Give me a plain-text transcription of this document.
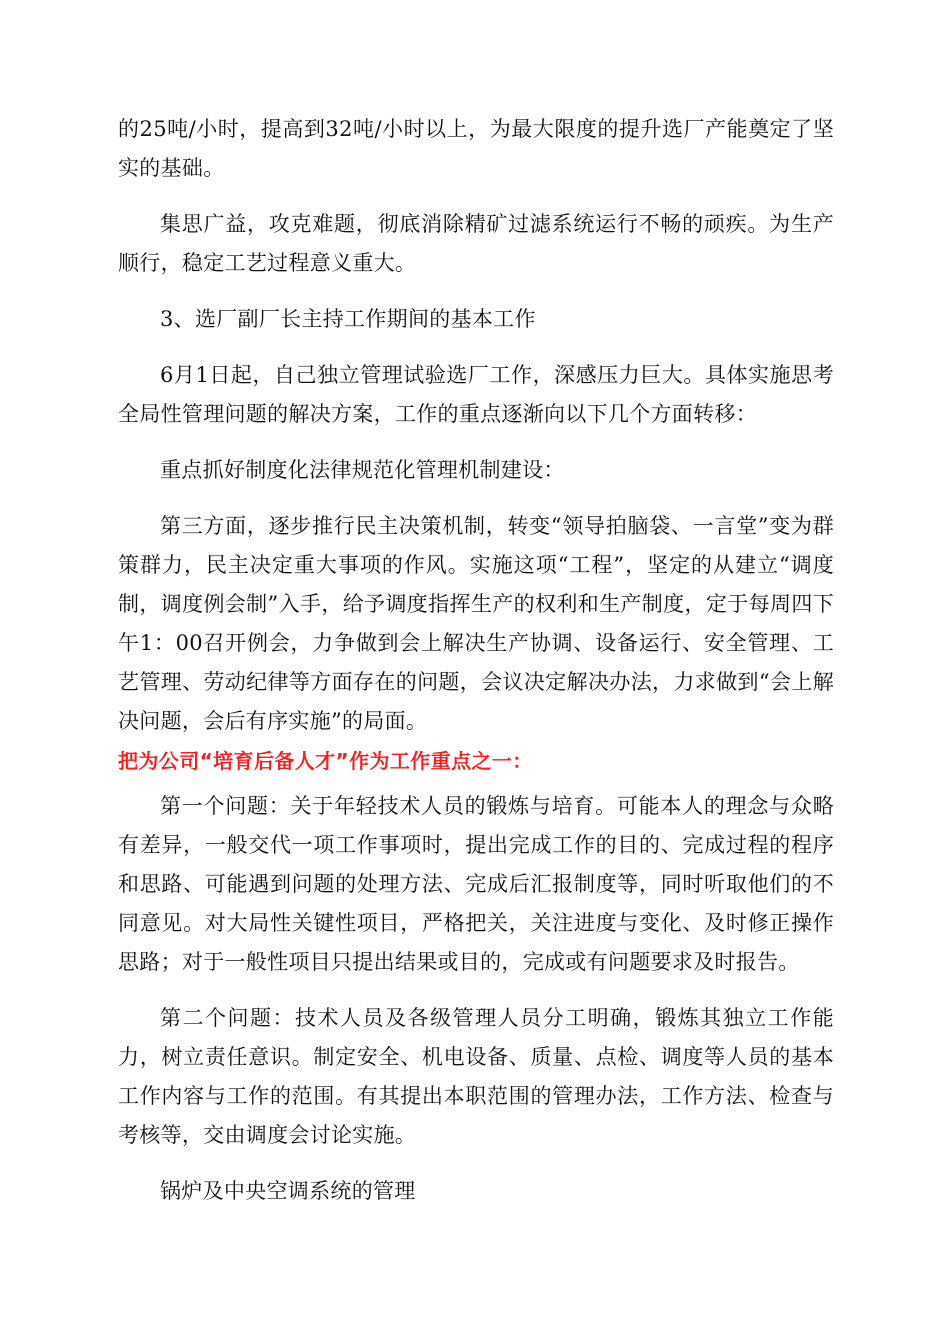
的25吨/小时，提高到32吨/小时以上，为最大限度的提升选厂产能奠定了坚实的基础。

集思广益，攻克难题，彻底消除精矿过滤系统运行不畅的顽疾。为生产顺行，稳定工艺过程意义重大。

3、选厂副厂长主持工作期间的基本工作

6月1日起，自己独立管理试验选厂工作，深感压力巨大。具体实施思考全局性管理问题的解决方案，工作的重点逐渐向以下几个方面转移：

重点抓好制度化法律规范化管理机制建设：

第三方面，逐步推行民主决策机制，转变“领导拍脑袋、一言堂”变为群策群力，民主决定重大事项的作风。实施这项“工程”，坚定的从建立“调度制，调度例会制”入手，给予调度指挥生产的权利和生产制度，定于每周四下午1：00召开例会，力争做到会上解决生产协调、设备运行、安全管理、工艺管理、劳动纪律等方面存在的问题，会议决定解决办法，力求做到“会上解决问题，会后有序实施”的局面。

把为公司“培育后备人才”作为工作重点之一：

第一个问题：关于年轻技术人员的锻炼与培育。可能本人的理念与众略有差异，一般交代一项工作事项时，提出完成工作的目的、完成过程的程序和思路、可能遇到问题的处理方法、完成后汇报制度等，同时听取他们的不同意见。对大局性关键性项目，严格把关，关注进度与变化、及时修正操作思路；对于一般性项目只提出结果或目的，完成或有问题要求及时报告。

第二个问题：技术人员及各级管理人员分工明确，锻炼其独立工作能力，树立责任意识。制定安全、机电设备、质量、点检、调度等人员的基本工作内容与工作的范围。有其提出本职范围的管理办法，工作方法、检查与考核等，交由调度会讨论实施。

锅炉及中央空调系统的管理
